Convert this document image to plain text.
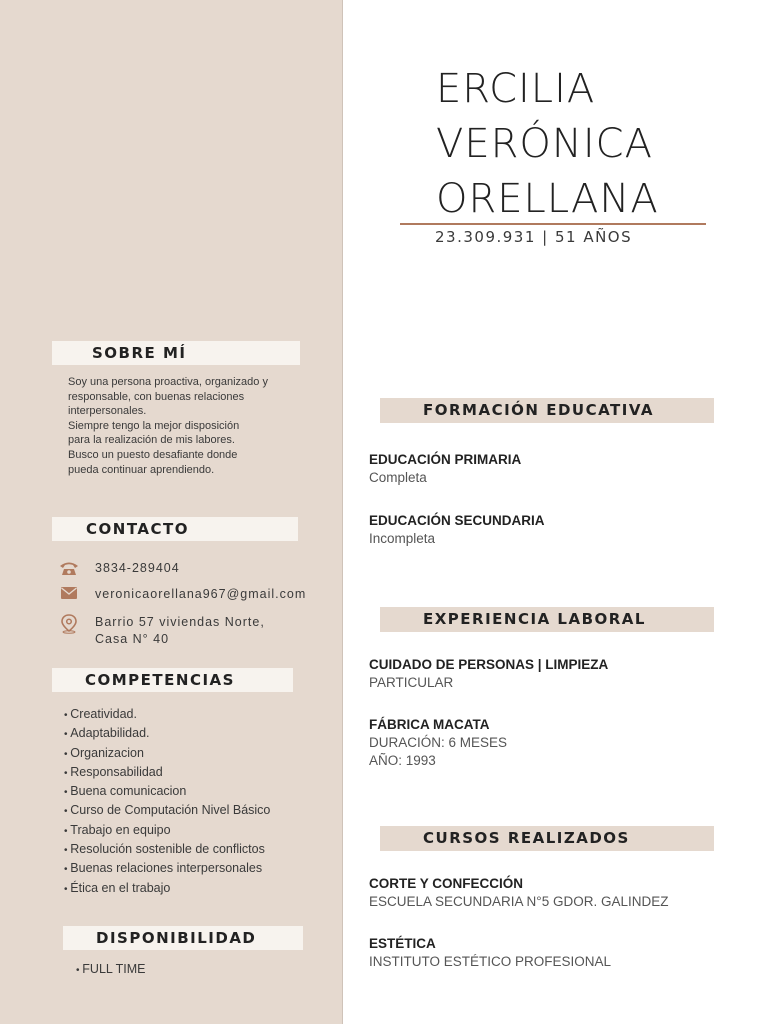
ERCILIA
VERÓNICA
ORELLANA
23.309.931 | 51 AÑOS
SOBRE MÍ
Soy una persona proactiva, organizado y
responsable, con buenas relaciones
interpersonales.
Siempre tengo la mejor disposición
para la realización de mis labores.
Busco un puesto desafiante donde
pueda continuar aprendiendo.
CONTACTO
3834-289404
veronicaorellana967@gmail.com
Barrio 57 viviendas Norte,
Casa N° 40
COMPETENCIAS
• Creatividad.
• Adaptabilidad.
• Organizacion
• Responsabilidad
• Buena comunicacion
• Curso de Computación Nivel Básico
• Trabajo en equipo
• Resolución sostenible de conflictos
• Buenas relaciones interpersonales
• Ética en el trabajo
DISPONIBILIDAD
• FULL TIME
FORMACIÓN EDUCATIVA
EDUCACIÓN PRIMARIA
Completa
EDUCACIÓN SECUNDARIA
Incompleta
EXPERIENCIA LABORAL
CUIDADO DE PERSONAS | LIMPIEZA
PARTICULAR
FÁBRICA MACATA
DURACIÓN: 6 MESES
AÑO: 1993
CURSOS REALIZADOS
CORTE Y CONFECCIÓN
ESCUELA SECUNDARIA N°5 GDOR. GALINDEZ
ESTÉTICA
INSTITUTO ESTÉTICO PROFESIONAL
